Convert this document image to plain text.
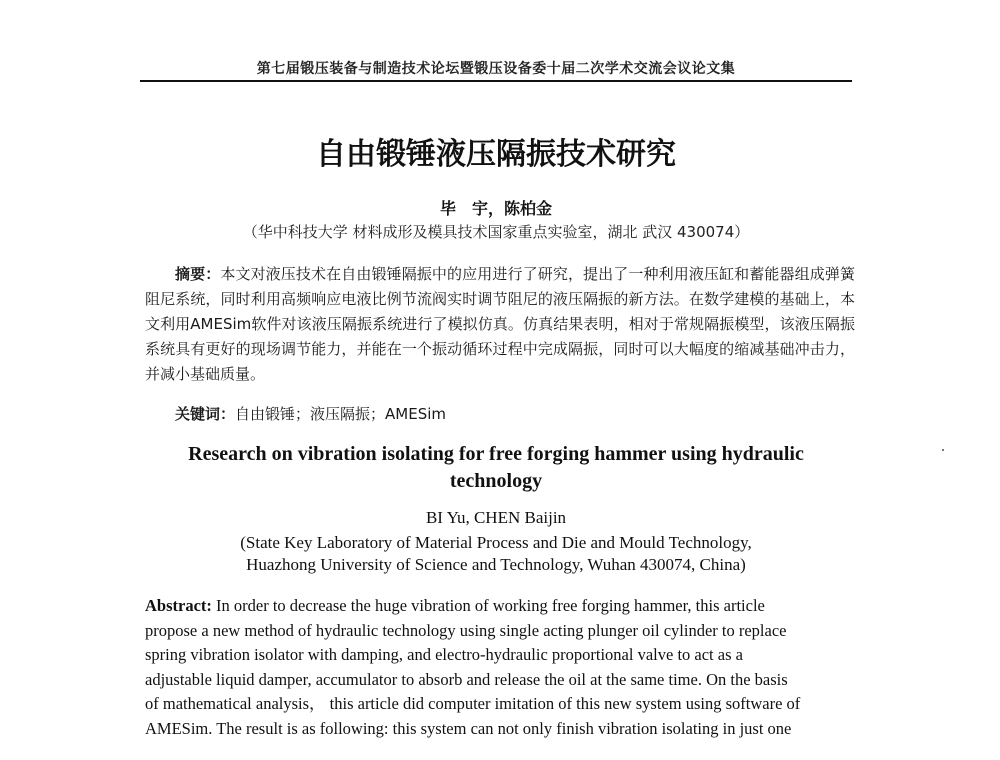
第七届锻压装备与制造技术论坛暨锻压设备委十届二次学术交流会议论文集
自由锻锤液压隔振技术研究
毕　宇，陈柏金
（华中科技大学 材料成形及模具技术国家重点实验室，湖北 武汉 430074）
摘要：本文对液压技术在自由锻锤隔振中的应用进行了研究，提出了一种利用液压缸和蓄能器组成弹簧阻尼系统，同时利用高频响应电液比例节流阀实时调节阻尼的液压隔振的新方法。在数学建模的基础上，本文利用AMESim软件对该液压隔振系统进行了模拟仿真。仿真结果表明，相对于常规隔振模型，该液压隔振系统具有更好的现场调节能力，并能在一个振动循环过程中完成隔振，同时可以大幅度的缩减基础冲击力，并减小基础质量。
关键词：自由锻锤；液压隔振；AMESim
Research on vibration isolating for free forging hammer using hydraulic
technology
BI Yu, CHEN Baijin
(State Key Laboratory of Material Process and Die and Mould Technology,
Huazhong University of Science and Technology, Wuhan 430074, China)
Abstract: In order to decrease the huge vibration of working free forging hammer, this article
propose a new method of hydraulic technology using single acting plunger oil cylinder to replace
spring vibration isolator with damping, and electro-hydraulic proportional valve to act as a
adjustable liquid damper, accumulator to absorb and release the oil at the same time. On the basis
of mathematical analysis， this article did computer imitation of this new system using software of
AMESim. The result is as following: this system can not only finish vibration isolating in just one
